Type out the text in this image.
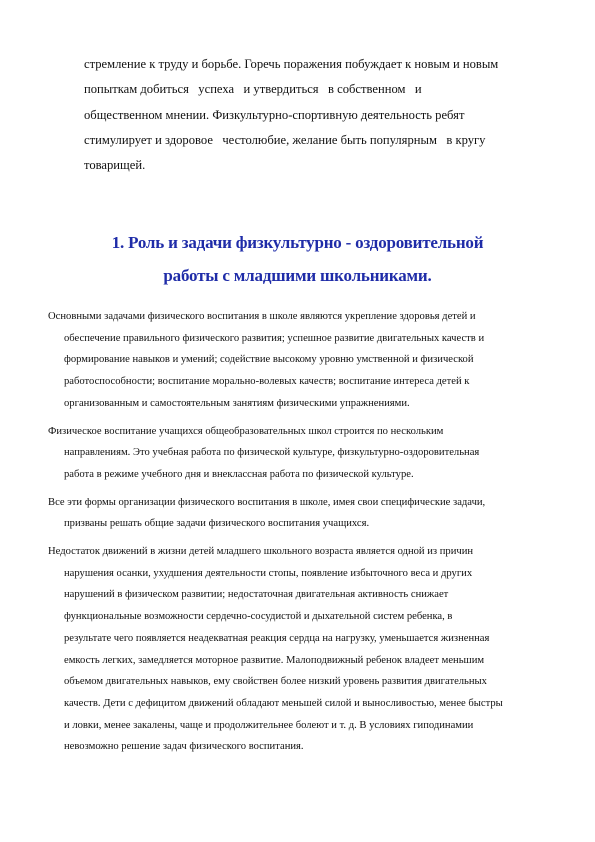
стремление к труду и борьбе. Горечь поражения побуждает к новым и новым
попыткам добиться   успеха   и утвердиться   в собственном   и
общественном мнении. Физкультурно-спортивную деятельность ребят
стимулирует и здоровое   честолюбие, желание быть популярным   в кругу
товарищей.
1. Роль и задачи физкультурно - оздоровительной
работы с младшими школьниками.

Основными задачами физического воспитания в школе являются укрепление здоровья детей и
обеспечение правильного физического развития; успешное развитие двигательных качеств и
формирование навыков и умений; содействие высокому уровню умственной и физической
работоспособности; воспитание морально-волевых качеств; воспитание интереса детей к
организованным и самостоятельным занятиям физическими упражнениями.

Физическое воспитание учащихся общеобразовательных школ строится по нескольким
направлениям. Это учебная работа по физической культуре, физкультурно-оздоровительная
работа в режиме учебного дня и внеклассная работа по физической культуре.

Все эти формы организации физического воспитания в школе, имея свои специфические задачи,
призваны решать общие задачи физического воспитания учащихся.

Недостаток движений в жизни детей младшего школьного возраста является одной из причин
нарушения осанки, ухудшения деятельности стопы, появление избыточного веса и других
нарушений в физическом развитии; недостаточная двигательная активность снижает
функциональные возможности сердечно-сосудистой и дыхательной систем ребенка, в
результате чего появляется неадекватная реакция сердца на нагрузку, уменьшается жизненная
емкость легких, замедляется моторное развитие. Малоподвижный ребенок владеет меньшим
объемом двигательных навыков, ему свойствен более низкий уровень развития двигательных
качеств. Дети с дефицитом движений обладают меньшей силой и выносливостью, менее быстры
и ловки, менее закалены, чаще и продолжительнее болеют и т. д. В условиях гиподинамии
невозможно решение задач физического воспитания.
